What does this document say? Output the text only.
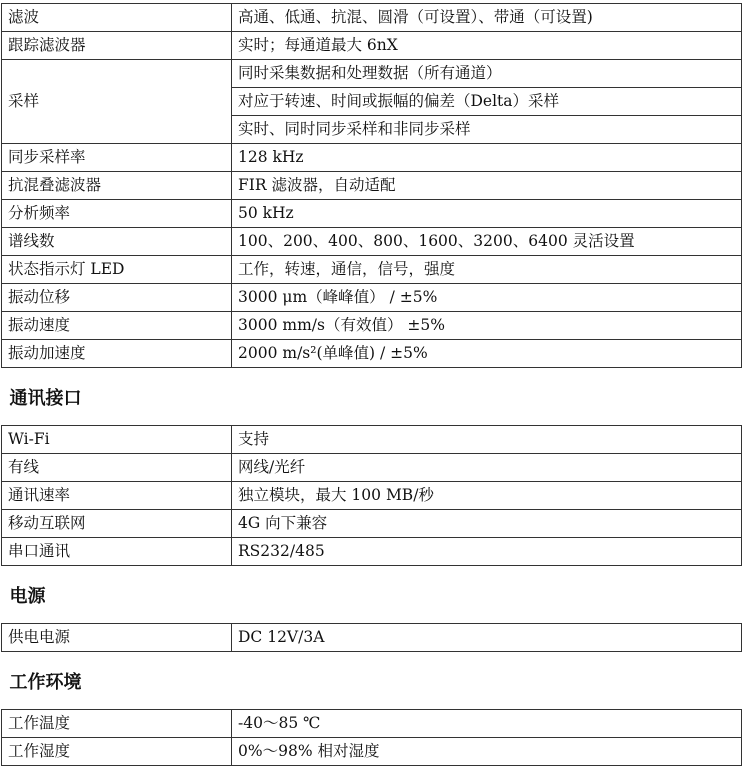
滤波	高通、低通、抗混、圆滑（可设置）、带通（可设置)
跟踪滤波器	实时；每通道最大 6nX
采样	同时采集数据和处理数据（所有通道）
	对应于转速、时间或振幅的偏差（Delta）采样
	实时、同时同步采样和非同步采样
同步采样率	128 kHz
抗混叠滤波器	FIR 滤波器，自动适配
分析频率	50 kHz
谱线数	100、200、400、800、1600、3200、6400 灵活设置
状态指示灯 LED	工作，转速，通信，信号，强度
振动位移	3000 μm（峰峰值） / ±5%
振动速度	3000 mm/s（有效值） ±5%
振动加速度	2000 m/s²(单峰值) / ±5%
通讯接口	
Wi-Fi	支持
有线	网线/光纤
通讯速率	独立模块，最大 100 MB/秒
移动互联网	4G 向下兼容
串口通讯	RS232/485
电源	
供电电源	DC 12V/3A
工作环境	
工作温度	-40～85 ℃
工作湿度	0%～98% 相对湿度
